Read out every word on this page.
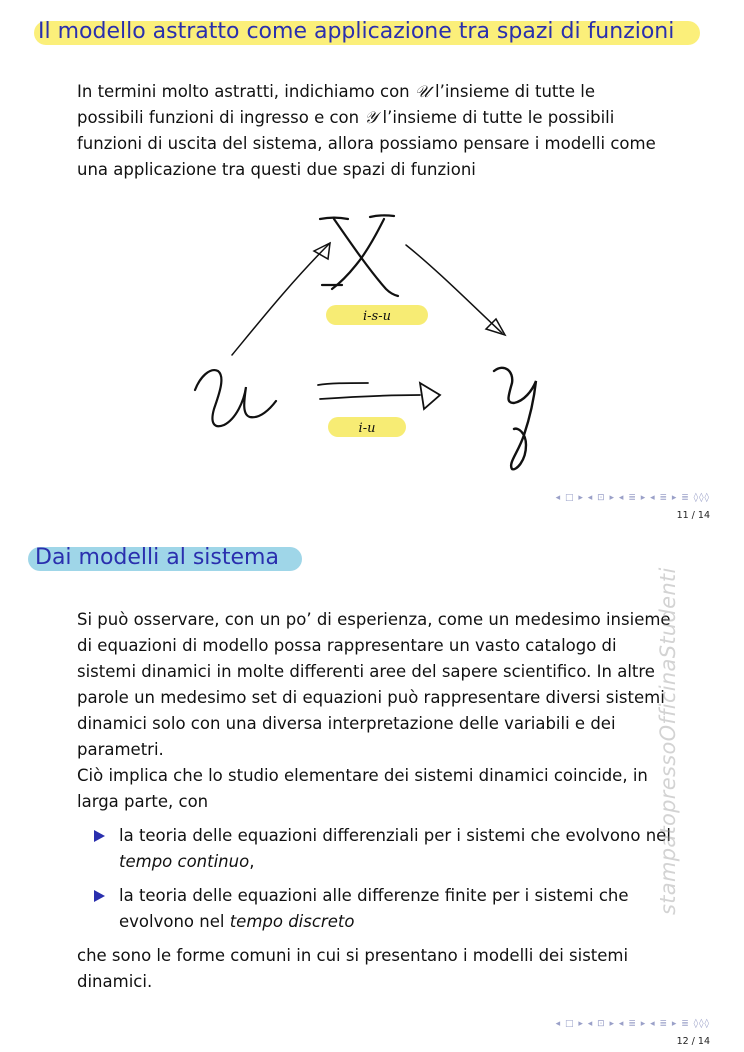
Il modello astratto come applicazione tra spazi di funzioni

In termini molto astratti, indichiamo con 𝒰 l’insieme di tutte le possibili funzioni di ingresso e con 𝒴 l’insieme di tutte le possibili funzioni di uscita del sistema, allora possiamo pensare i modelli come una applicazione tra questi due spazi di funzioni

i-s-u
i-u
◂ □ ▸ ◂ ⊡ ▸ ◂ ≣ ▸ ◂ ≣ ▸ ≣ ◊◊◊
11 / 14
Dai modelli al sistema

Si può osservare, con un po’ di esperienza, come un medesimo insieme di equazioni di modello possa rappresentare un vasto catalogo di sistemi dinamici in molte differenti aree del sapere scientifico. In altre parole un medesimo set di equazioni può rappresentare diversi sistemi dinamici solo con una diversa interpretazione delle variabili e dei parametri.

Ciò implica che lo studio elementare dei sistemi dinamici coincide, in larga parte, con

la teoria delle equazioni differenziali per i sistemi che evolvono nel tempo continuo,
la teoria delle equazioni alle differenze finite per i sistemi che evolvono nel tempo discreto

che sono le forme comuni in cui si presentano i modelli dei sistemi dinamici.

◂ □ ▸ ◂ ⊡ ▸ ◂ ≣ ▸ ◂ ≣ ▸ ≣ ◊◊◊
12 / 14
stampatopressoOfficinaStudenti
